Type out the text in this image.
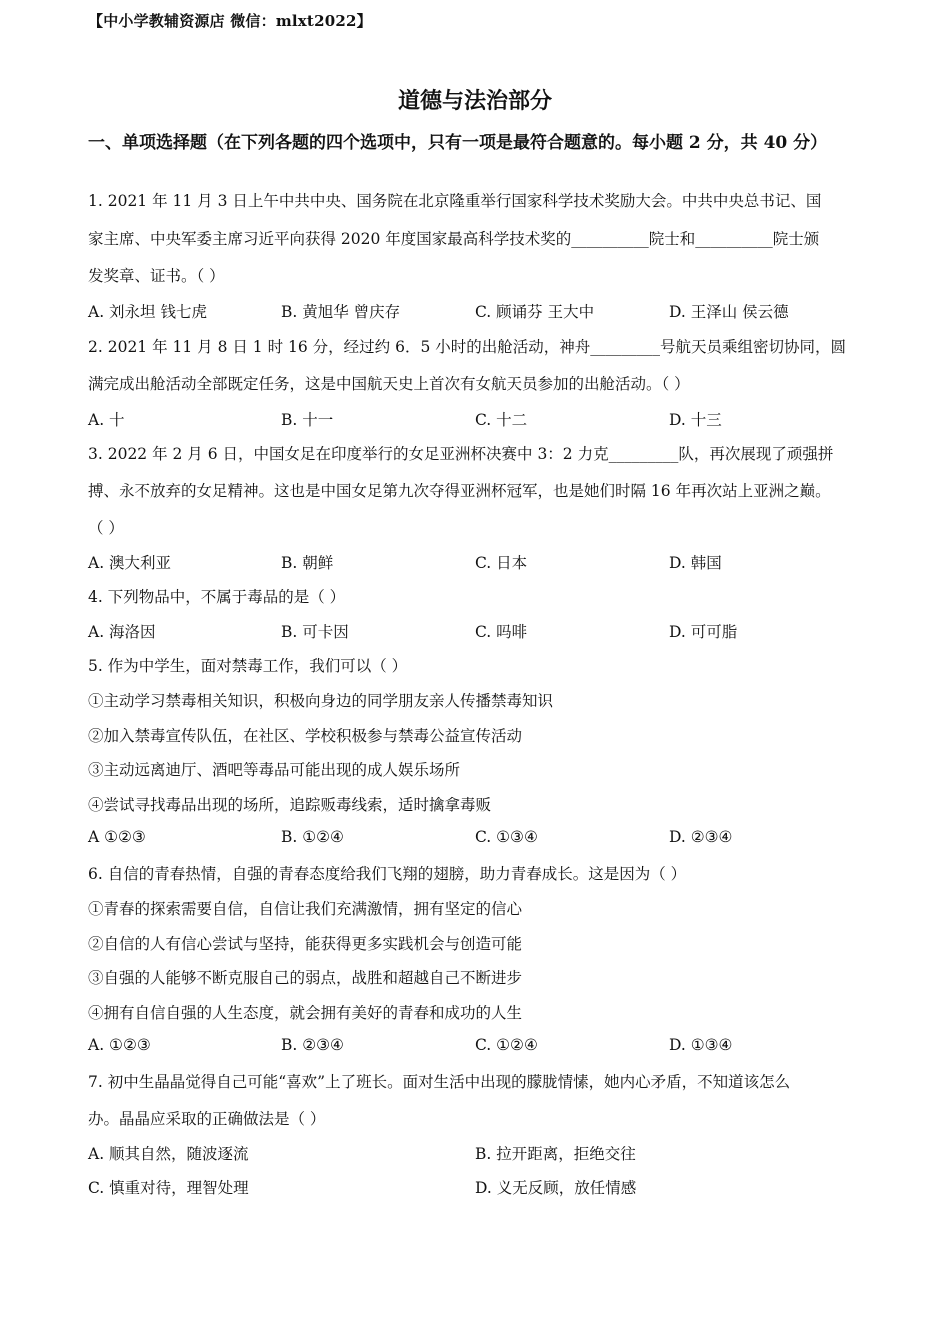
【中小学教辅资源店 微信：mlxt2022】
道德与法治部分
一、单项选择题（在下列各题的四个选项中，只有一项是最符合题意的。每小题 2 分，共 40 分）
1. 2021 年 11 月 3 日上午中共中央、国务院在北京隆重举行国家科学技术奖励大会。中共中央总书记、国
家主席、中央军委主席习近平向获得 2020 年度国家最高科学技术奖的__________院士和__________院士颁
发奖章、证书。（ ）
A. 刘永坦 钱七虎	B. 黄旭华 曾庆存	C. 顾诵芬 王大中	D. 王泽山 侯云德
2. 2021 年 11 月 8 日 1 时 16 分，经过约 6．5 小时的出舱活动，神舟_________号航天员乘组密切协同，圆
满完成出舱活动全部既定任务，这是中国航天史上首次有女航天员参加的出舱活动。（ ）
A. 十	B. 十一	C. 十二	D. 十三
3. 2022 年 2 月 6 日，中国女足在印度举行的女足亚洲杯决赛中 3：2 力克_________队，再次展现了顽强拼
搏、永不放弃的女足精神。这也是中国女足第九次夺得亚洲杯冠军，也是她们时隔 16 年再次站上亚洲之巅。
（ ）
A. 澳大利亚	B. 朝鲜	C. 日本	D. 韩国
4. 下列物品中，不属于毒品的是（ ）
A. 海洛因	B. 可卡因	C. 吗啡	D. 可可脂
5. 作为中学生，面对禁毒工作，我们可以（ ）
①主动学习禁毒相关知识，积极向身边的同学朋友亲人传播禁毒知识
②加入禁毒宣传队伍，在社区、学校积极参与禁毒公益宣传活动
③主动远离迪厅、酒吧等毒品可能出现的成人娱乐场所
④尝试寻找毒品出现的场所，追踪贩毒线索，适时擒拿毒贩
A ①②③	B. ①②④	C. ①③④	D. ②③④
6. 自信的青春热情，自强的青春态度给我们飞翔的翅膀，助力青春成长。这是因为（ ）
①青春的探索需要自信，自信让我们充满激情，拥有坚定的信心
②自信的人有信心尝试与坚持，能获得更多实践机会与创造可能
③自强的人能够不断克服自己的弱点，战胜和超越自己不断进步
④拥有自信自强的人生态度，就会拥有美好的青春和成功的人生
A. ①②③	B. ②③④	C. ①②④	D. ①③④
7. 初中生晶晶觉得自己可能“喜欢”上了班长。面对生活中出现的朦胧情愫，她内心矛盾，不知道该怎么
办。晶晶应采取的正确做法是（ ）
A. 顺其自然，随波逐流	B. 拉开距离，拒绝交往
C. 慎重对待，理智处理	D. 义无反顾，放任情感
